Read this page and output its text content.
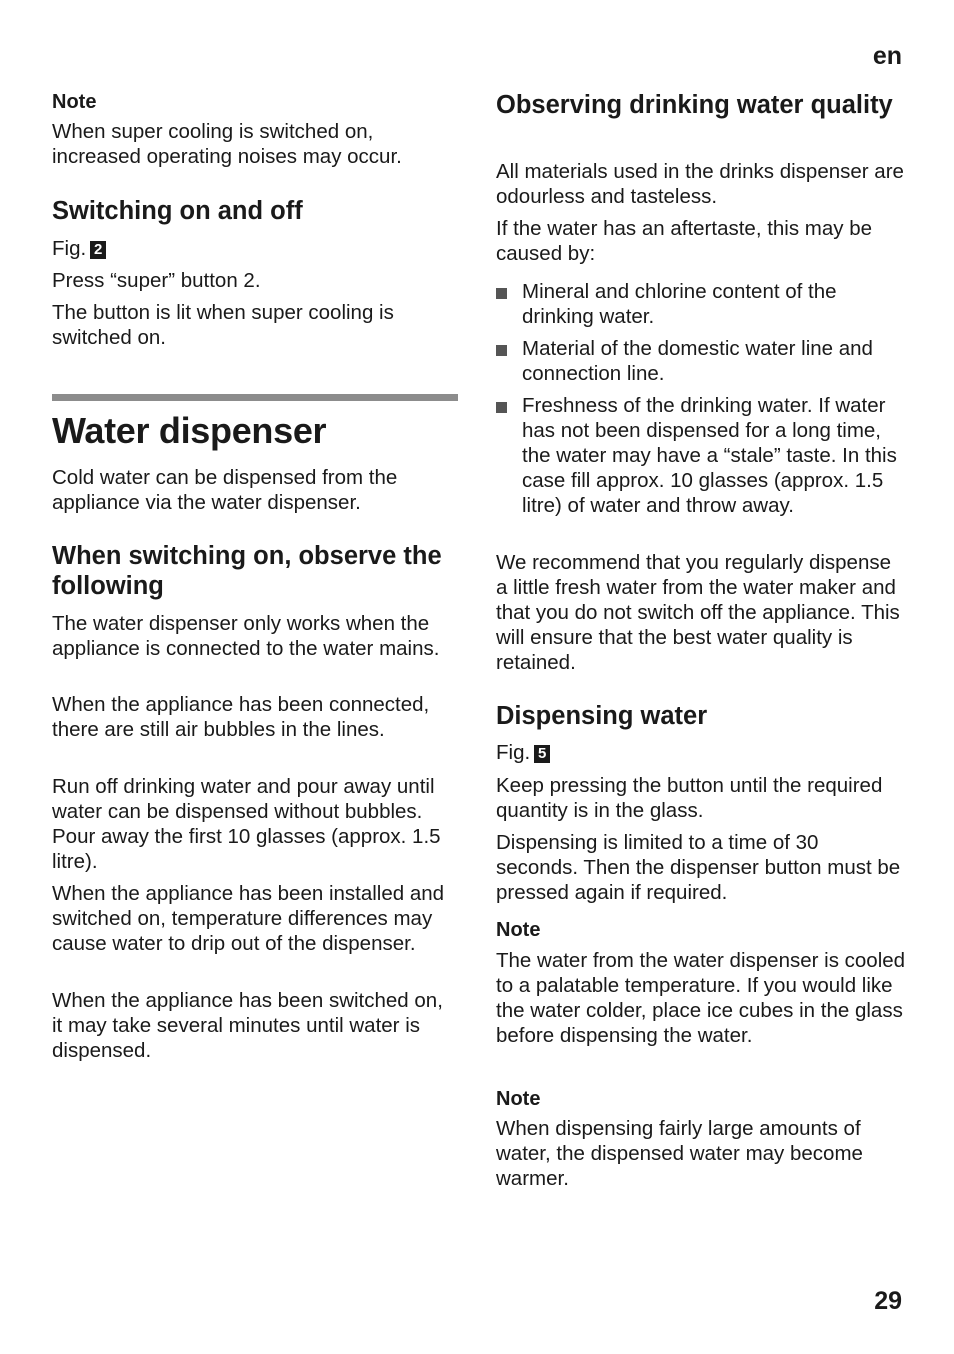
en
Note

When super cooling is switched on,
increased operating noises may occur.

Switching on and off

Fig. 2

Press “super” button 2.

The button is lit when super cooling is switched on.

Water dispenser

Cold water can be dispensed from the appliance via the water dispenser.

When switching on, observe the following

The water dispenser only works when the appliance is connected to the water mains.

When the appliance has been connected, there are still air bubbles in the lines.

Run off drinking water and pour away until water can be dispensed without bubbles. Pour away the first 10 glasses (approx. 1.5 litre).

When the appliance has been installed and switched on, temperature differences may cause water to drip out of the dispenser.

When the appliance has been switched on, it may take several minutes until water is dispensed.

Observing drinking water quality

All materials used in the drinks dispenser are odourless and tasteless.

If the water has an aftertaste, this may be caused by:

Mineral and chlorine content of the drinking water.

Material of the domestic water line and connection line.

Freshness of the drinking water. If water has not been dispensed for a long time, the water may have a “stale” taste. In this case fill approx. 10 glasses (approx. 1.5 litre) of water and throw away.

We recommend that you regularly dispense a little fresh water from the water maker and that you do not switch off the appliance. This will ensure that the best water quality is retained.

Dispensing water

Fig. 5

Keep pressing the button until the required quantity is in the glass.

Dispensing is limited to a time of 30 seconds. Then the dispenser button must be pressed again if required.

Note

The water from the water dispenser is cooled to a palatable temperature. If you would like the water colder, place ice cubes in the glass before dispensing the water.

Note

When dispensing fairly large amounts of water, the dispensed water may become warmer.

29
